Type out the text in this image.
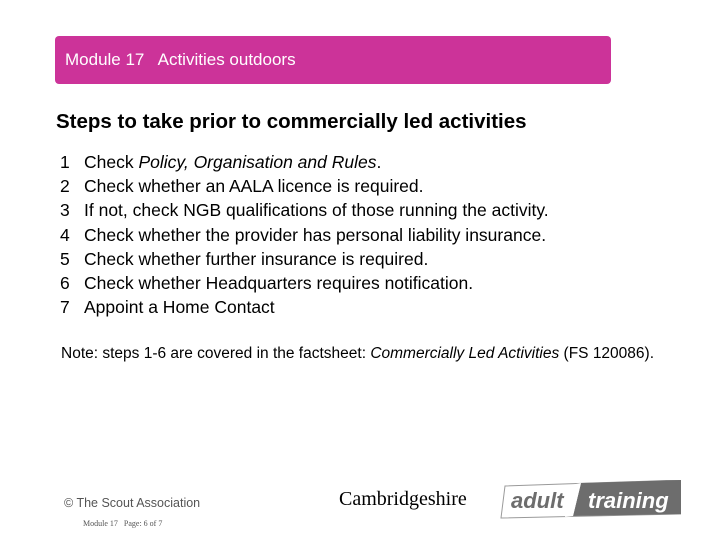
Module 17   Activities outdoors
Steps to take prior to commercially led activities
1 Check Policy, Organisation and Rules.
2 Check whether an AALA licence is required.
3 If not, check NGB qualifications of those running the activity.
4 Check whether the provider has personal liability insurance.
5 Check whether further insurance is required.
6 Check whether Headquarters requires notification.
7 Appoint a Home Contact
Note: steps 1-6 are covered in the factsheet: Commercially Led Activities (FS 120086).
© The Scout Association
Module 17   Page: 6 of 7
Cambridgeshire adult training
